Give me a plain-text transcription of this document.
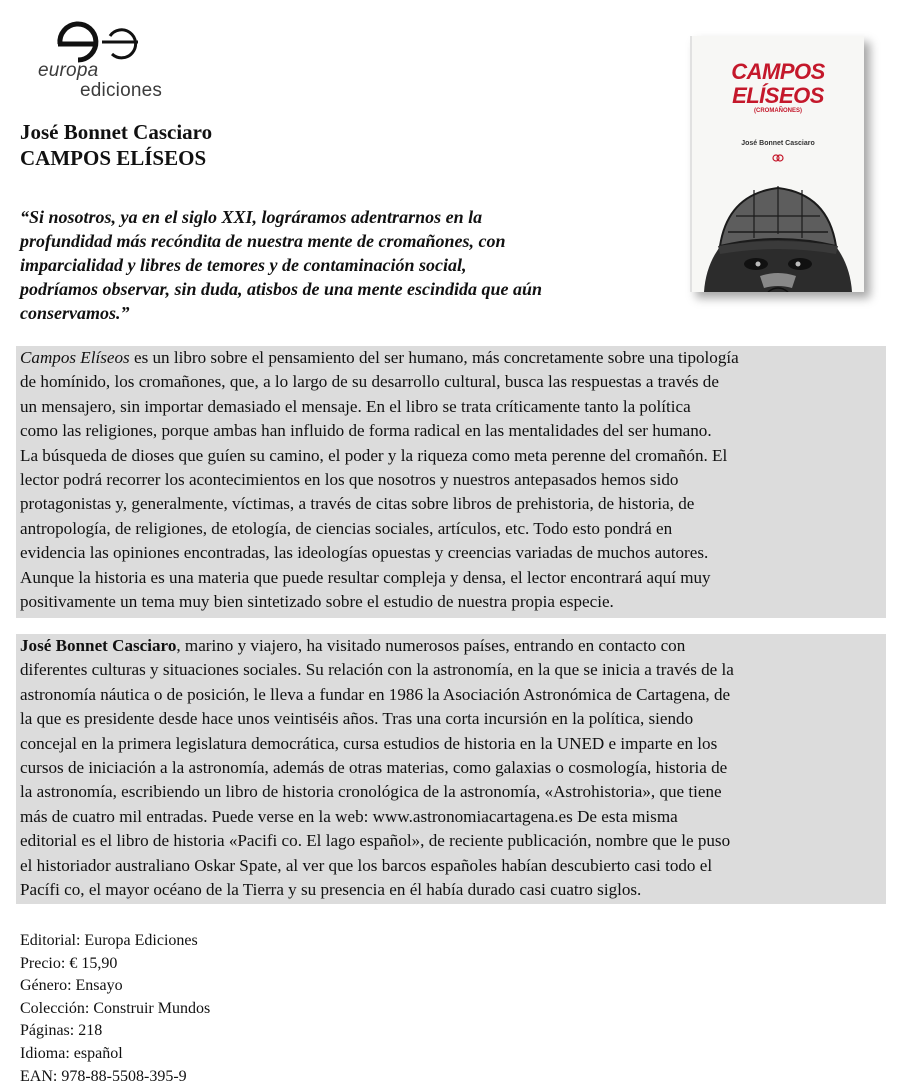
europa
ediciones
José Bonnet Casciaro
CAMPOS ELÍSEOS
“Si nosotros, ya en el siglo XXI, lográramos adentrarnos en la
profundidad más recóndita de nuestra mente de cromañones, con
imparcialidad y libres de temores y de contaminación social,
podríamos observar, sin duda, atisbos de una mente escindida que aún
conservamos.”
CAMPOS
ELÍSEOS
(CROMAÑONES)
José Bonnet Casciaro
Campos Elíseos es un libro sobre el pensamiento del ser humano, más concretamente sobre una tipología
de homínido, los cromañones, que, a lo largo de su desarrollo cultural, busca las respuestas a través de
un mensajero, sin importar demasiado el mensaje. En el libro se trata críticamente tanto la política
como las religiones, porque ambas han influido de forma radical en las mentalidades del ser humano.
La búsqueda de dioses que guíen su camino, el poder y la riqueza como meta perenne del cromañón. El
lector podrá recorrer los acontecimientos en los que nosotros y nuestros antepasados hemos sido
protagonistas y, generalmente, víctimas, a través de citas sobre libros de prehistoria, de historia, de
antropología, de religiones, de etología, de ciencias sociales, artículos, etc. Todo esto pondrá en
evidencia las opiniones encontradas, las ideologías opuestas y creencias variadas de muchos autores.
Aunque la historia es una materia que puede resultar compleja y densa, el lector encontrará aquí muy
positivamente un tema muy bien sintetizado sobre el estudio de nuestra propia especie.
José Bonnet Casciaro, marino y viajero, ha visitado numerosos países, entrando en contacto con
diferentes culturas y situaciones sociales. Su relación con la astronomía, en la que se inicia a través de la
astronomía náutica o de posición, le lleva a fundar en 1986 la Asociación Astronómica de Cartagena, de
la que es presidente desde hace unos veintiséis años. Tras una corta incursión en la política, siendo
concejal en la primera legislatura democrática, cursa estudios de historia en la UNED e imparte en los
cursos de iniciación a la astronomía, además de otras materias, como galaxias o cosmología, historia de
la astronomía, escribiendo un libro de historia cronológica de la astronomía, «Astrohistoria», que tiene
más de cuatro mil entradas. Puede verse en la web: www.astronomiacartagena.es De esta misma
editorial es el libro de historia «Pacifi co. El lago español», de reciente publicación, nombre que le puso
el historiador australiano Oskar Spate, al ver que los barcos españoles habían descubierto casi todo el
Pacífi co, el mayor océano de la Tierra y su presencia en él había durado casi cuatro siglos.
Editorial: Europa Ediciones
Precio: € 15,90
Género: Ensayo
Colección: Construir Mundos
Páginas: 218
Idioma: español
EAN: 978-88-5508-395-9
